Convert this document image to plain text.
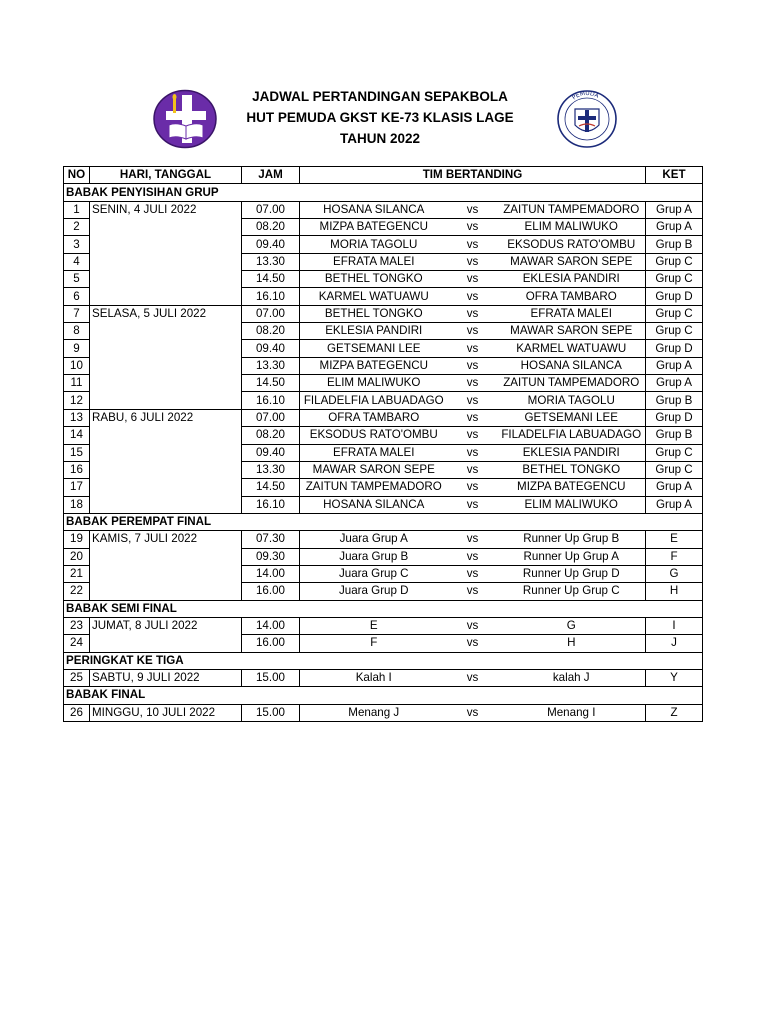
JADWAL PERTANDINGAN SEPAKBOLA
HUT PEMUDA GKST KE-73 KLASIS LAGE
TAHUN 2022
PEMUDA
NO	HARI, TANGGAL	JAM	TIM BERTANDING			KET
BABAK PENYISIHAN GRUP						
1	SENIN, 4 JULI 2022	07.00	HOSANA SILANCA	vs	ZAITUN TAMPEMADORO	Grup A
2		08.20	MIZPA BATEGENCU	vs	ELIM MALIWUKO	Grup A
3		09.40	MORIA TAGOLU	vs	EKSODUS RATO'OMBU	Grup B
4		13.30	EFRATA MALEI	vs	MAWAR SARON SEPE	Grup C
5		14.50	BETHEL TONGKO	vs	EKLESIA PANDIRI	Grup C
6		16.10	KARMEL WATUAWU	vs	OFRA TAMBARO	Grup D
7	SELASA, 5 JULI 2022	07.00	BETHEL TONGKO	vs	EFRATA MALEI	Grup C
8		08.20	EKLESIA PANDIRI	vs	MAWAR SARON SEPE	Grup C
9		09.40	GETSEMANI LEE	vs	KARMEL WATUAWU	Grup D
10		13.30	MIZPA BATEGENCU	vs	HOSANA SILANCA	Grup A
11		14.50	ELIM MALIWUKO	vs	ZAITUN TAMPEMADORO	Grup A
12		16.10	FILADELFIA LABUADAGO	vs	MORIA TAGOLU	Grup B
13	RABU, 6 JULI 2022	07.00	OFRA TAMBARO	vs	GETSEMANI LEE	Grup D
14		08.20	EKSODUS RATO'OMBU	vs	FILADELFIA LABUADAGO	Grup B
15		09.40	EFRATA MALEI	vs	EKLESIA PANDIRI	Grup C
16		13.30	MAWAR SARON SEPE	vs	BETHEL TONGKO	Grup C
17		14.50	ZAITUN TAMPEMADORO	vs	MIZPA BATEGENCU	Grup A
18		16.10	HOSANA SILANCA	vs	ELIM MALIWUKO	Grup A
BABAK PEREMPAT FINAL						
19	KAMIS, 7 JULI 2022	07.30	Juara Grup A	vs	Runner Up Grup B	E
20		09.30	Juara Grup B	vs	Runner Up Grup A	F
21		14.00	Juara Grup C	vs	Runner Up Grup D	G
22		16.00	Juara Grup D	vs	Runner Up Grup C	H
BABAK SEMI FINAL						
23	JUMAT, 8 JULI 2022	14.00	E	vs	G	I
24		16.00	F	vs	H	J
PERINGKAT KE TIGA						
25	SABTU, 9 JULI 2022	15.00	Kalah I	vs	kalah J	Y
BABAK FINAL						
26	MINGGU, 10 JULI 2022	15.00	Menang J	vs	Menang I	Z
